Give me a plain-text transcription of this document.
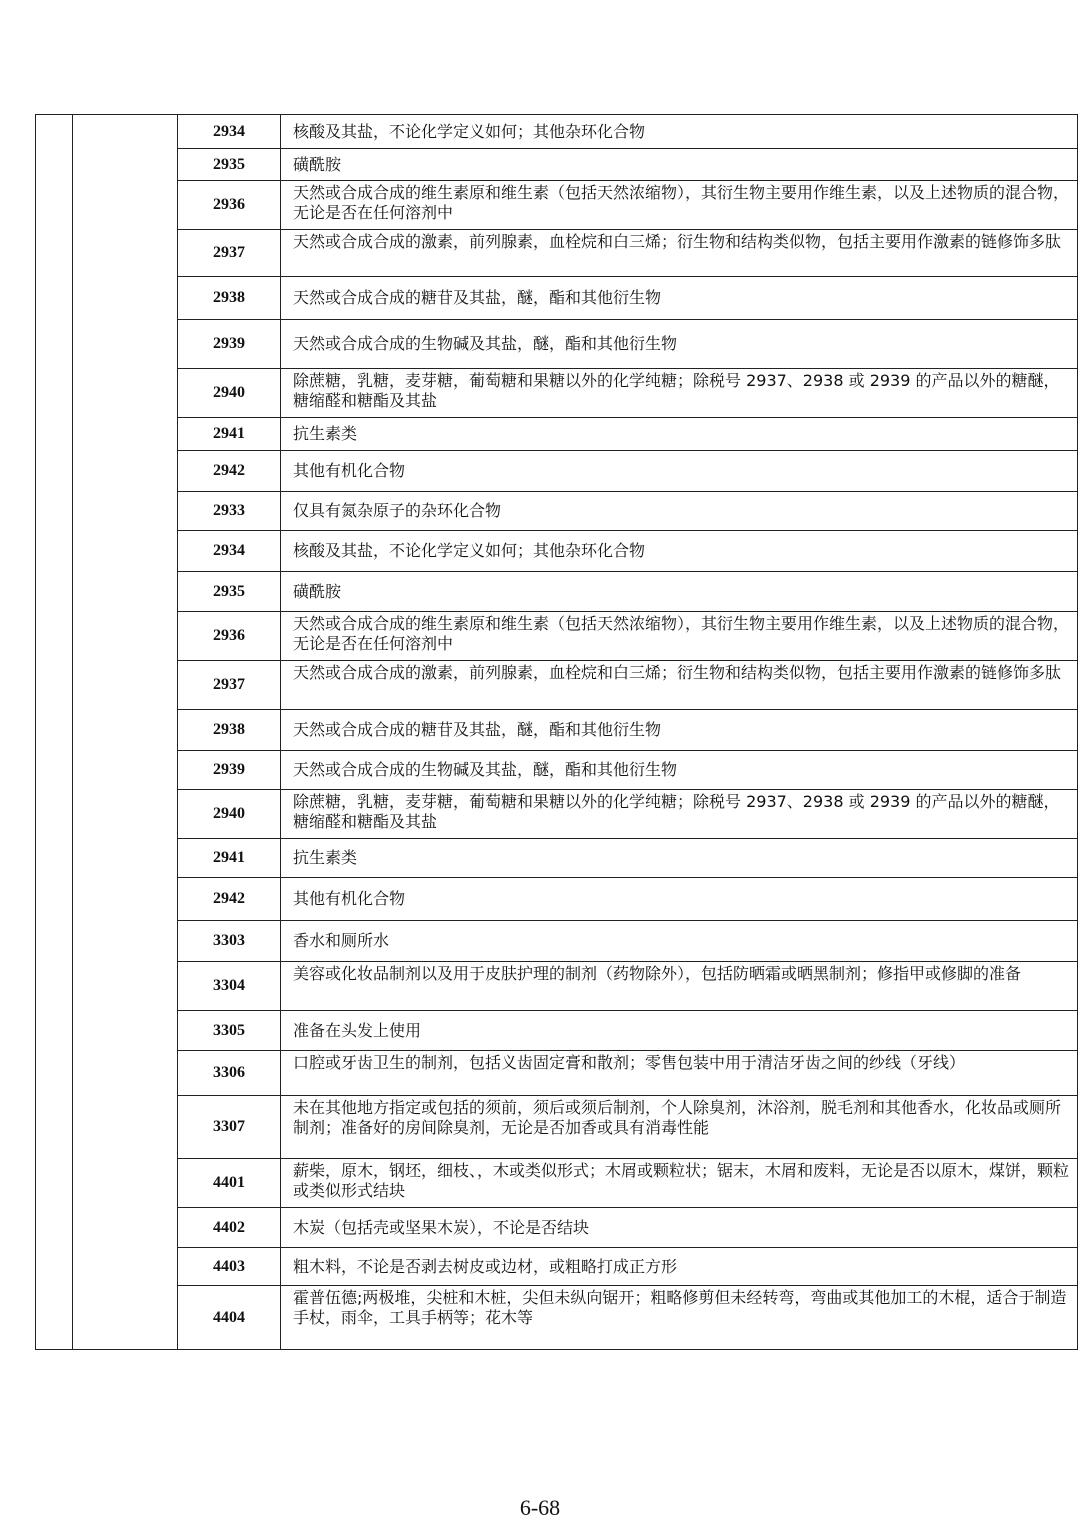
		2934	核酸及其盐，不论化学定义如何；其他杂环化合物
		2935	磺酰胺
		2936	天然或合成合成的维生素原和维生素（包括天然浓缩物），其衍生物主要用作维生素，以及上述物质的混合物，无论是否在任何溶剂中
		2937	天然或合成合成的激素，前列腺素，血栓烷和白三烯；衍生物和结构类似物，包括主要用作激素的链修饰多肽
		2938	天然或合成合成的糖苷及其盐，醚，酯和其他衍生物
		2939	天然或合成合成的生物碱及其盐，醚，酯和其他衍生物
		2940	除蔗糖，乳糖，麦芽糖，葡萄糖和果糖以外的化学纯糖；除税号 2937、2938 或 2939 的产品以外的糖醚，糖缩醛和糖酯及其盐
		2941	抗生素类
		2942	其他有机化合物
		2933	仅具有氮杂原子的杂环化合物
		2934	核酸及其盐，不论化学定义如何；其他杂环化合物
		2935	磺酰胺
		2936	天然或合成合成的维生素原和维生素（包括天然浓缩物），其衍生物主要用作维生素，以及上述物质的混合物，无论是否在任何溶剂中
		2937	天然或合成合成的激素，前列腺素，血栓烷和白三烯；衍生物和结构类似物，包括主要用作激素的链修饰多肽
		2938	天然或合成合成的糖苷及其盐，醚，酯和其他衍生物
		2939	天然或合成合成的生物碱及其盐，醚，酯和其他衍生物
		2940	除蔗糖，乳糖，麦芽糖，葡萄糖和果糖以外的化学纯糖；除税号 2937、2938 或 2939 的产品以外的糖醚，糖缩醛和糖酯及其盐
		2941	抗生素类
		2942	其他有机化合物
		3303	香水和厕所水
		3304	美容或化妆品制剂以及用于皮肤护理的制剂（药物除外），包括防晒霜或晒黑制剂；修指甲或修脚的准备
		3305	准备在头发上使用
		3306	口腔或牙齿卫生的制剂，包括义齿固定膏和散剂；零售包装中用于清洁牙齿之间的纱线（牙线）
		3307	未在其他地方指定或包括的须前，须后或须后制剂，个人除臭剂，沐浴剂，脱毛剂和其他香水，化妆品或厕所制剂；准备好的房间除臭剂，无论是否加香或具有消毒性能
		4401	薪柴，原木，钢坯，细枝、，木或类似形式；木屑或颗粒状；锯末，木屑和废料，无论是否以原木，煤饼，颗粒或类似形式结块
		4402	木炭（包括壳或坚果木炭），不论是否结块
		4403	粗木料，不论是否剥去树皮或边材，或粗略打成正方形
		4404	霍普伍德;两极堆，尖桩和木桩，尖但未纵向锯开；粗略修剪但未经转弯，弯曲或其他加工的木棍，适合于制造手杖，雨伞，工具手柄等；花木等
6-68
